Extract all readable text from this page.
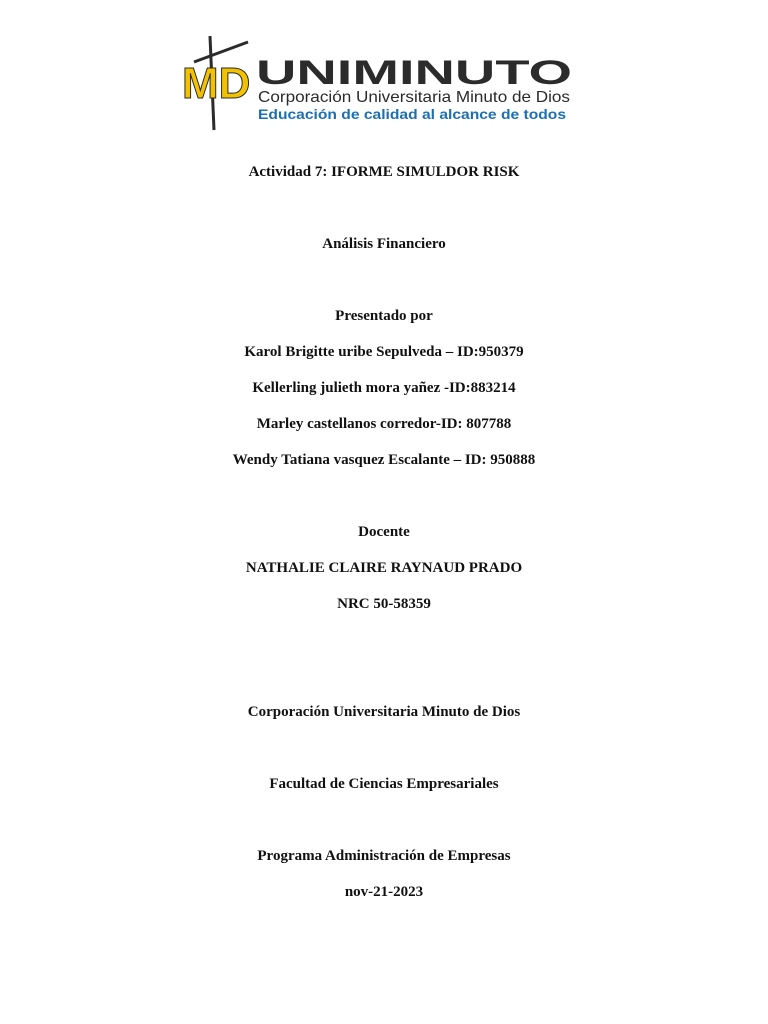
MD UNIMINUTO
Corporación Universitaria Minuto de Dios
Educación de calidad al alcance de todos
Actividad 7: IFORME SIMULDOR RISK
Análisis Financiero
Presentado por
Karol Brigitte uribe Sepulveda – ID:950379
Kellerling julieth mora yañez -ID:883214
Marley castellanos corredor-ID: 807788
Wendy Tatiana vasquez Escalante – ID: 950888
Docente
NATHALIE CLAIRE RAYNAUD PRADO
NRC 50-58359
Corporación Universitaria Minuto de Dios
Facultad de Ciencias Empresariales
Programa Administración de Empresas
nov-21-2023
